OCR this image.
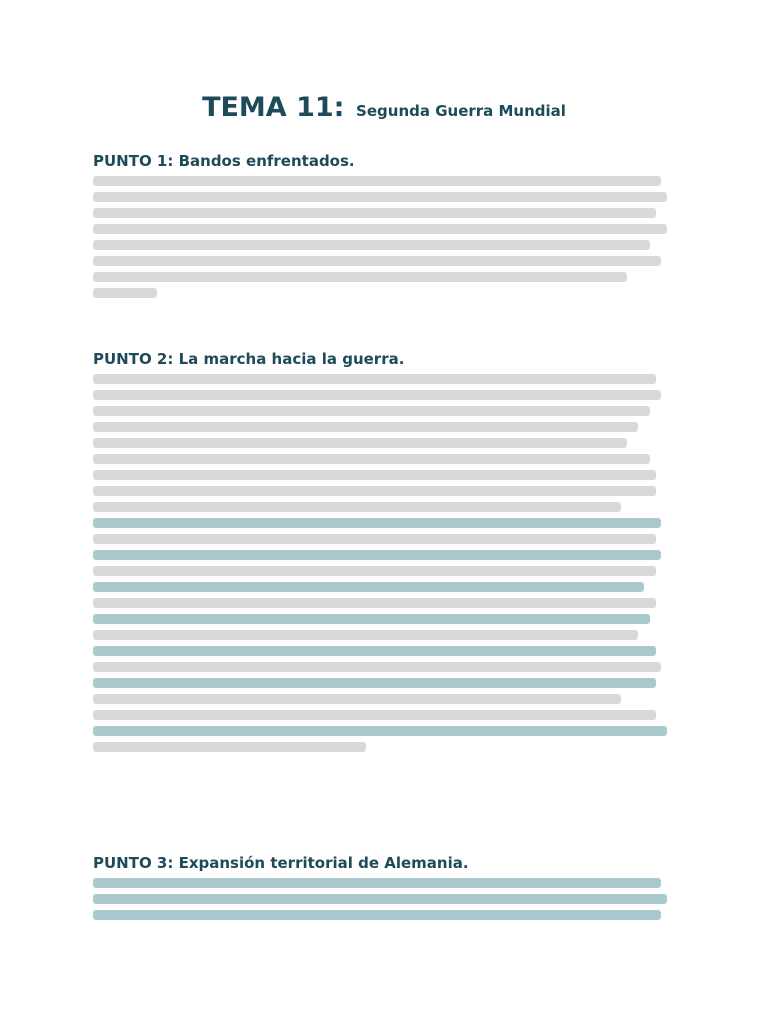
TEMA 11: Segunda Guerra Mundial
PUNTO 1: Bandos enfrentados.
PUNTO 2: La marcha hacia la guerra.
PUNTO 3: Expansión territorial de Alemania.
